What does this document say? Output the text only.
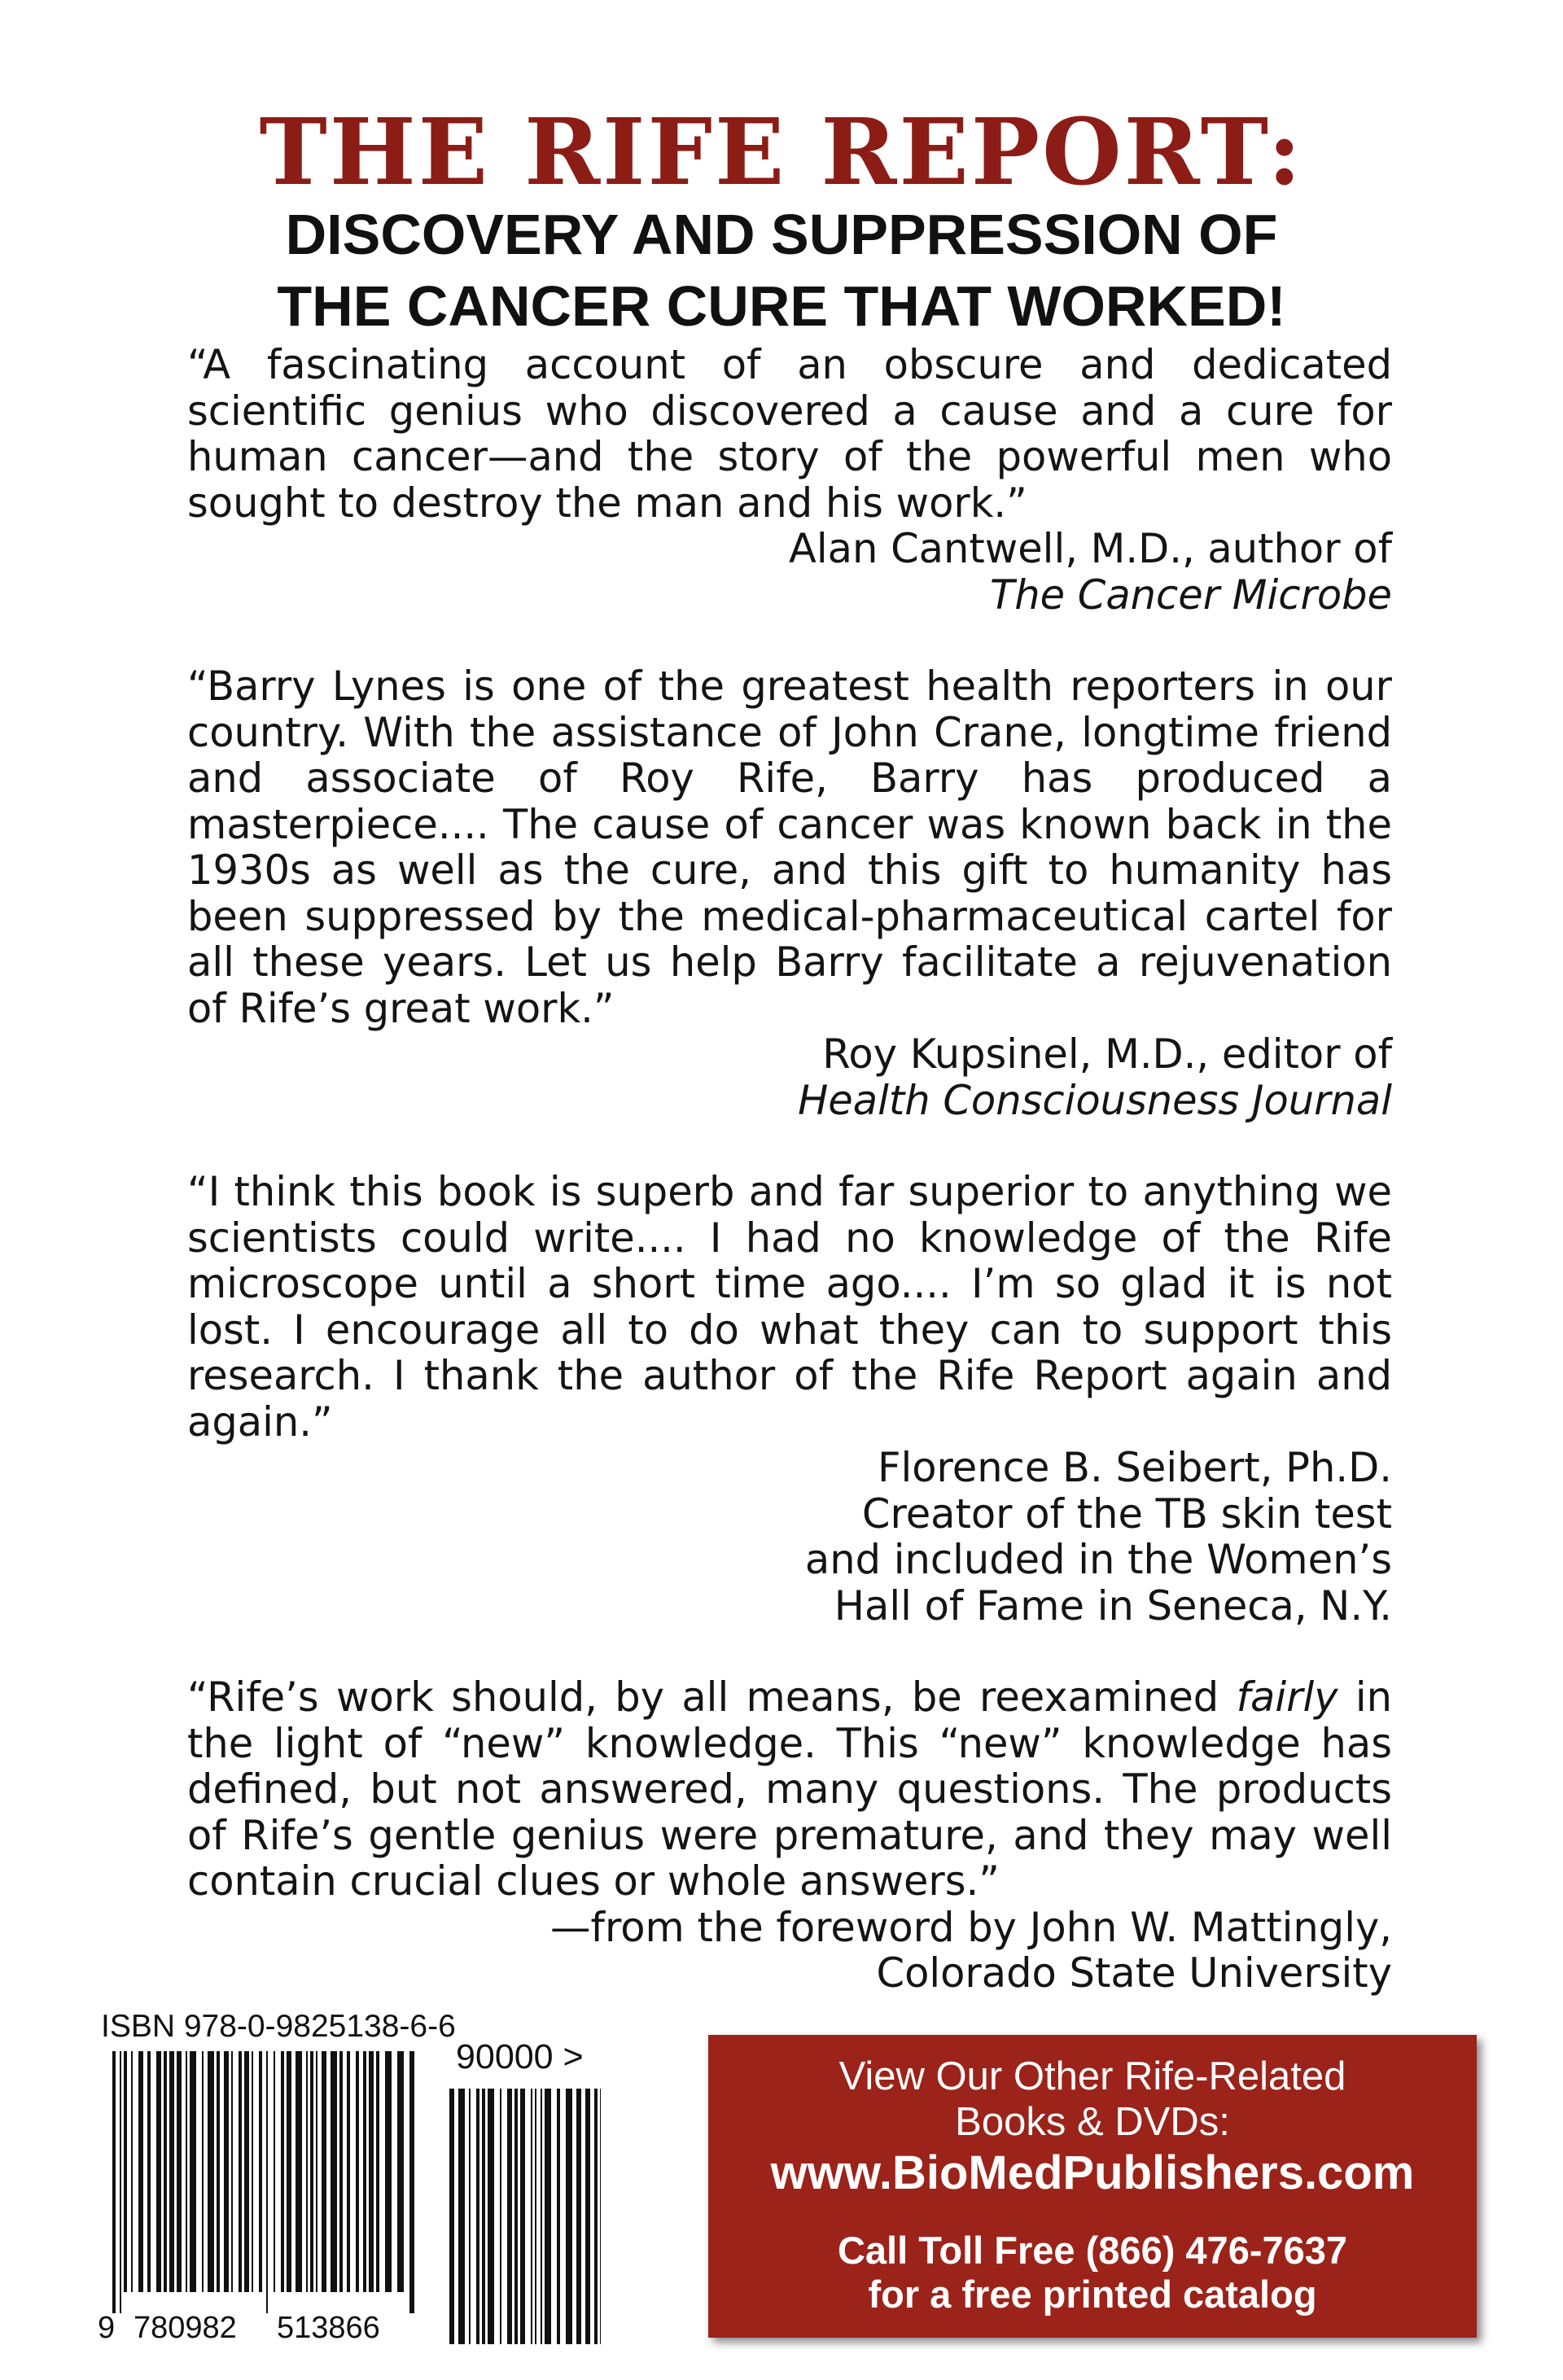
THE RIFE REPORT:
DISCOVERY AND SUPPRESSION OF
THE CANCER CURE THAT WORKED!

“A fascinating account of an obscure and dedicated scientific genius who discovered a cause and a cure for human cancer—and the story of the powerful men who sought to destroy the man and his work.”

Alan Cantwell, M.D., author of
The Cancer Microbe

“Barry Lynes is one of the greatest health reporters in our country. With the assistance of John Crane, longtime friend and associate of Roy Rife, Barry has produced a masterpiece.... The cause of cancer was known back in the 1930s as well as the cure, and this gift to humanity has been suppressed by the medical-pharmaceutical cartel for all these years. Let us help Barry facilitate a rejuvenation of Rife’s great work.”

Roy Kupsinel, M.D., editor of
Health Consciousness Journal

“I think this book is superb and far superior to anything we scientists could write.... I had no knowledge of the Rife microscope until a short time ago.... I’m so glad it is not lost. I encourage all to do what they can to support this research. I thank the author of the Rife Report again and again.”

Florence B. Seibert, Ph.D.
Creator of the TB skin test
and included in the Women’s
Hall of Fame in Seneca, N.Y.

“Rife’s work should, by all means, be reexamined fairly in the light of “new” knowledge. This “new” knowledge has defined, but not answered, many questions. The products of Rife’s gentle genius were premature, and they may well contain crucial clues or whole answers.”

—from the foreword by John W. Mattingly,
Colorado State University
ISBN 978-0-9825138-6-6
90000 >
9 780982 513866
View Our Other Rife-Related
Books & DVDs:
www.BioMedPublishers.com
Call Toll Free (866) 476-7637
for a free printed catalog
